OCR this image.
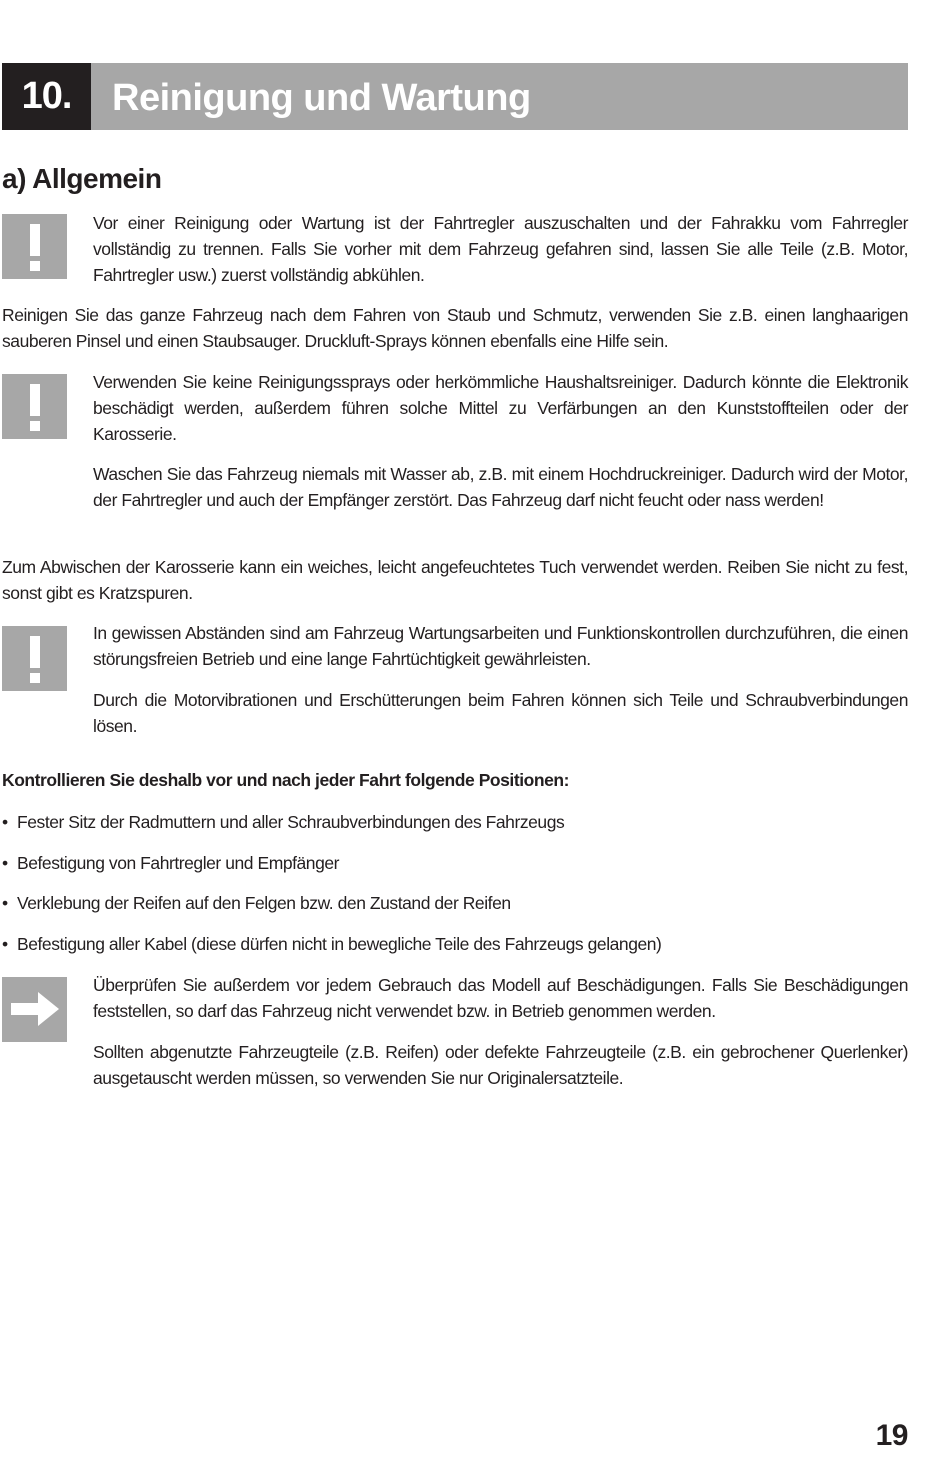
10.	Reinigung und Wartung
a) Allgemein

Vor einer Reinigung oder Wartung ist der Fahrtregler auszuschalten und der Fahrakku vom Fahrregler vollständig zu trennen. Falls Sie vorher mit dem Fahrzeug gefahren sind, lassen Sie alle Teile (z.B. Motor, Fahrtregler usw.) zuerst vollständig abkühlen.

Reinigen Sie das ganze Fahrzeug nach dem Fahren von Staub und Schmutz, verwenden Sie z.B. einen langhaarigen sauberen Pinsel und einen Staubsauger. Druckluft-Sprays können ebenfalls eine Hilfe sein.

Verwenden Sie keine Reinigungssprays oder herkömmliche Haushaltsreiniger. Dadurch könnte die Elektronik beschädigt werden, außerdem führen solche Mittel zu Verfärbungen an den Kunststoffteilen oder der Karosserie.

Waschen Sie das Fahrzeug niemals mit Wasser ab, z.B. mit einem Hochdruckreiniger. Dadurch wird der Motor, der Fahrtregler und auch der Empfänger zerstört. Das Fahrzeug darf nicht feucht oder nass werden!

Zum Abwischen der Karosserie kann ein weiches, leicht angefeuchtetes Tuch verwendet werden. Reiben Sie nicht zu fest, sonst gibt es Kratzspuren.

In gewissen Abständen sind am Fahrzeug Wartungsarbeiten und Funktionskontrollen durchzuführen, die einen störungsfreien Betrieb und eine lange Fahrtüchtigkeit gewährleisten.

Durch die Motorvibrationen und Erschütterungen beim Fahren können sich Teile und Schraubverbindungen lösen.

Kontrollieren Sie deshalb vor und nach jeder Fahrt folgende Positionen:
• Fester Sitz der Radmuttern und aller Schraubverbindungen des Fahrzeugs
• Befestigung von Fahrtregler und Empfänger
• Verklebung der Reifen auf den Felgen bzw. den Zustand der Reifen
• Befestigung aller Kabel (diese dürfen nicht in bewegliche Teile des Fahrzeugs gelangen)

Überprüfen Sie außerdem vor jedem Gebrauch das Modell auf Beschädigungen. Falls Sie Beschädigungen feststellen, so darf das Fahrzeug nicht verwendet bzw. in Betrieb genommen werden.

Sollten abgenutzte Fahrzeugteile (z.B. Reifen) oder defekte Fahrzeugteile (z.B. ein gebrochener Querlenker) ausgetauscht werden müssen, so verwenden Sie nur Originalersatzteile.

19
